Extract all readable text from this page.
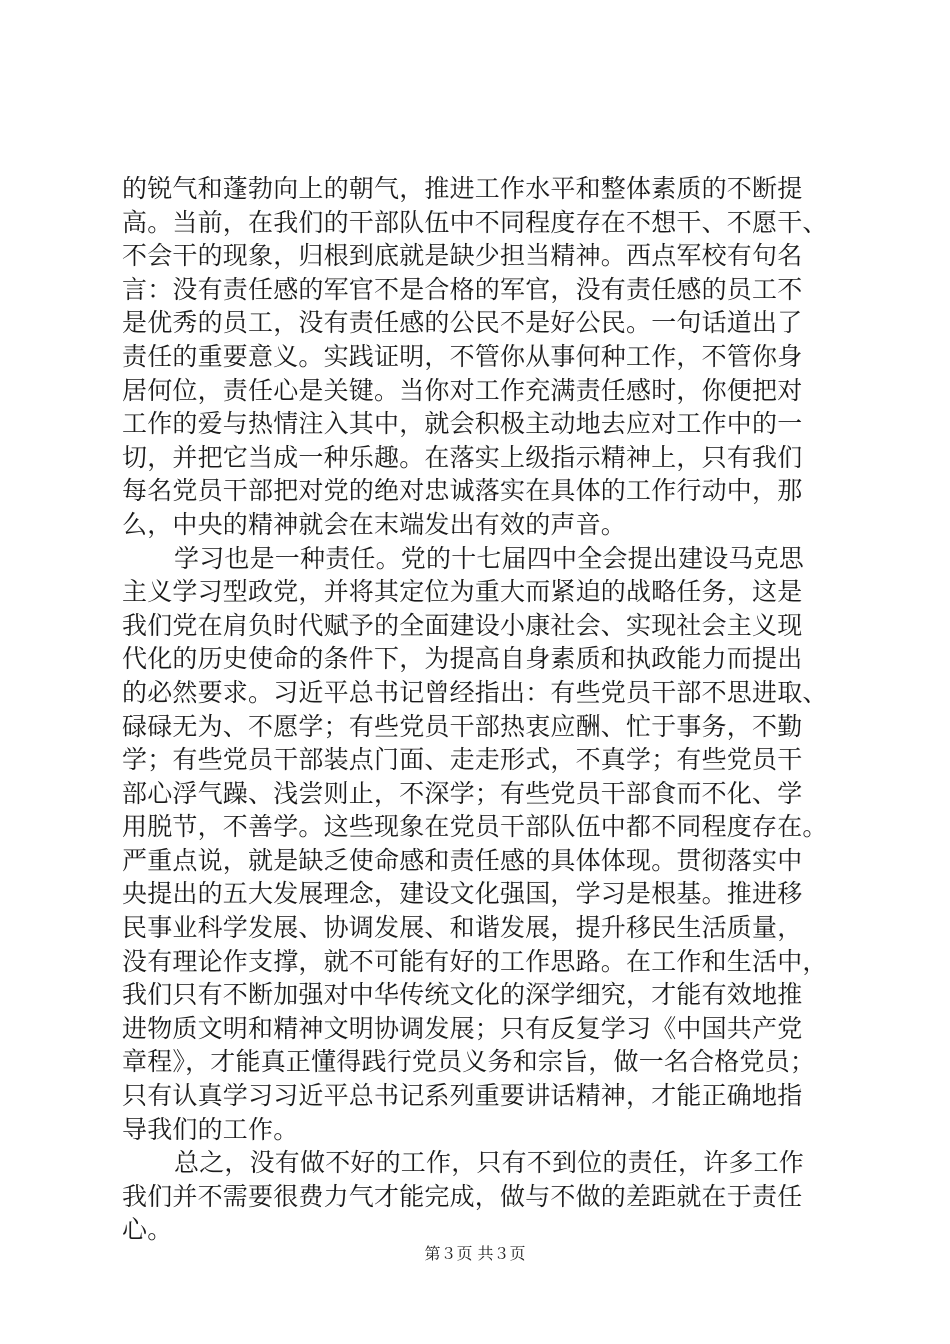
的锐气和蓬勃向上的朝气，推进工作水平和整体素质的不断提
高。当前，在我们的干部队伍中不同程度存在不想干、不愿干、
不会干的现象，归根到底就是缺少担当精神。西点军校有句名
言：没有责任感的军官不是合格的军官，没有责任感的员工不
是优秀的员工，没有责任感的公民不是好公民。一句话道出了
责任的重要意义。实践证明，不管你从事何种工作，不管你身
居何位，责任心是关键。当你对工作充满责任感时，你便把对
工作的爱与热情注入其中，就会积极主动地去应对工作中的一
切，并把它当成一种乐趣。在落实上级指示精神上，只有我们
每名党员干部把对党的绝对忠诚落实在具体的工作行动中，那
么，中央的精神就会在末端发出有效的声音。
学习也是一种责任。党的十七届四中全会提出建设马克思
主义学习型政党，并将其定位为重大而紧迫的战略任务，这是
我们党在肩负时代赋予的全面建设小康社会、实现社会主义现
代化的历史使命的条件下，为提高自身素质和执政能力而提出
的必然要求。习近平总书记曾经指出：有些党员干部不思进取、
碌碌无为、不愿学；有些党员干部热衷应酬、忙于事务，不勤
学；有些党员干部装点门面、走走形式，不真学；有些党员干
部心浮气躁、浅尝则止，不深学；有些党员干部食而不化、学
用脱节，不善学。这些现象在党员干部队伍中都不同程度存在。
严重点说，就是缺乏使命感和责任感的具体体现。贯彻落实中
央提出的五大发展理念，建设文化强国，学习是根基。推进移
民事业科学发展、协调发展、和谐发展，提升移民生活质量，
没有理论作支撑，就不可能有好的工作思路。在工作和生活中，
我们只有不断加强对中华传统文化的深学细究，才能有效地推
进物质文明和精神文明协调发展；只有反复学习《中国共产党
章程》，才能真正懂得践行党员义务和宗旨，做一名合格党员；
只有认真学习习近平总书记系列重要讲话精神，才能正确地指
导我们的工作。
总之，没有做不好的工作，只有不到位的责任，许多工作
我们并不需要很费力气才能完成，做与不做的差距就在于责任
心。
第３页 共３页
